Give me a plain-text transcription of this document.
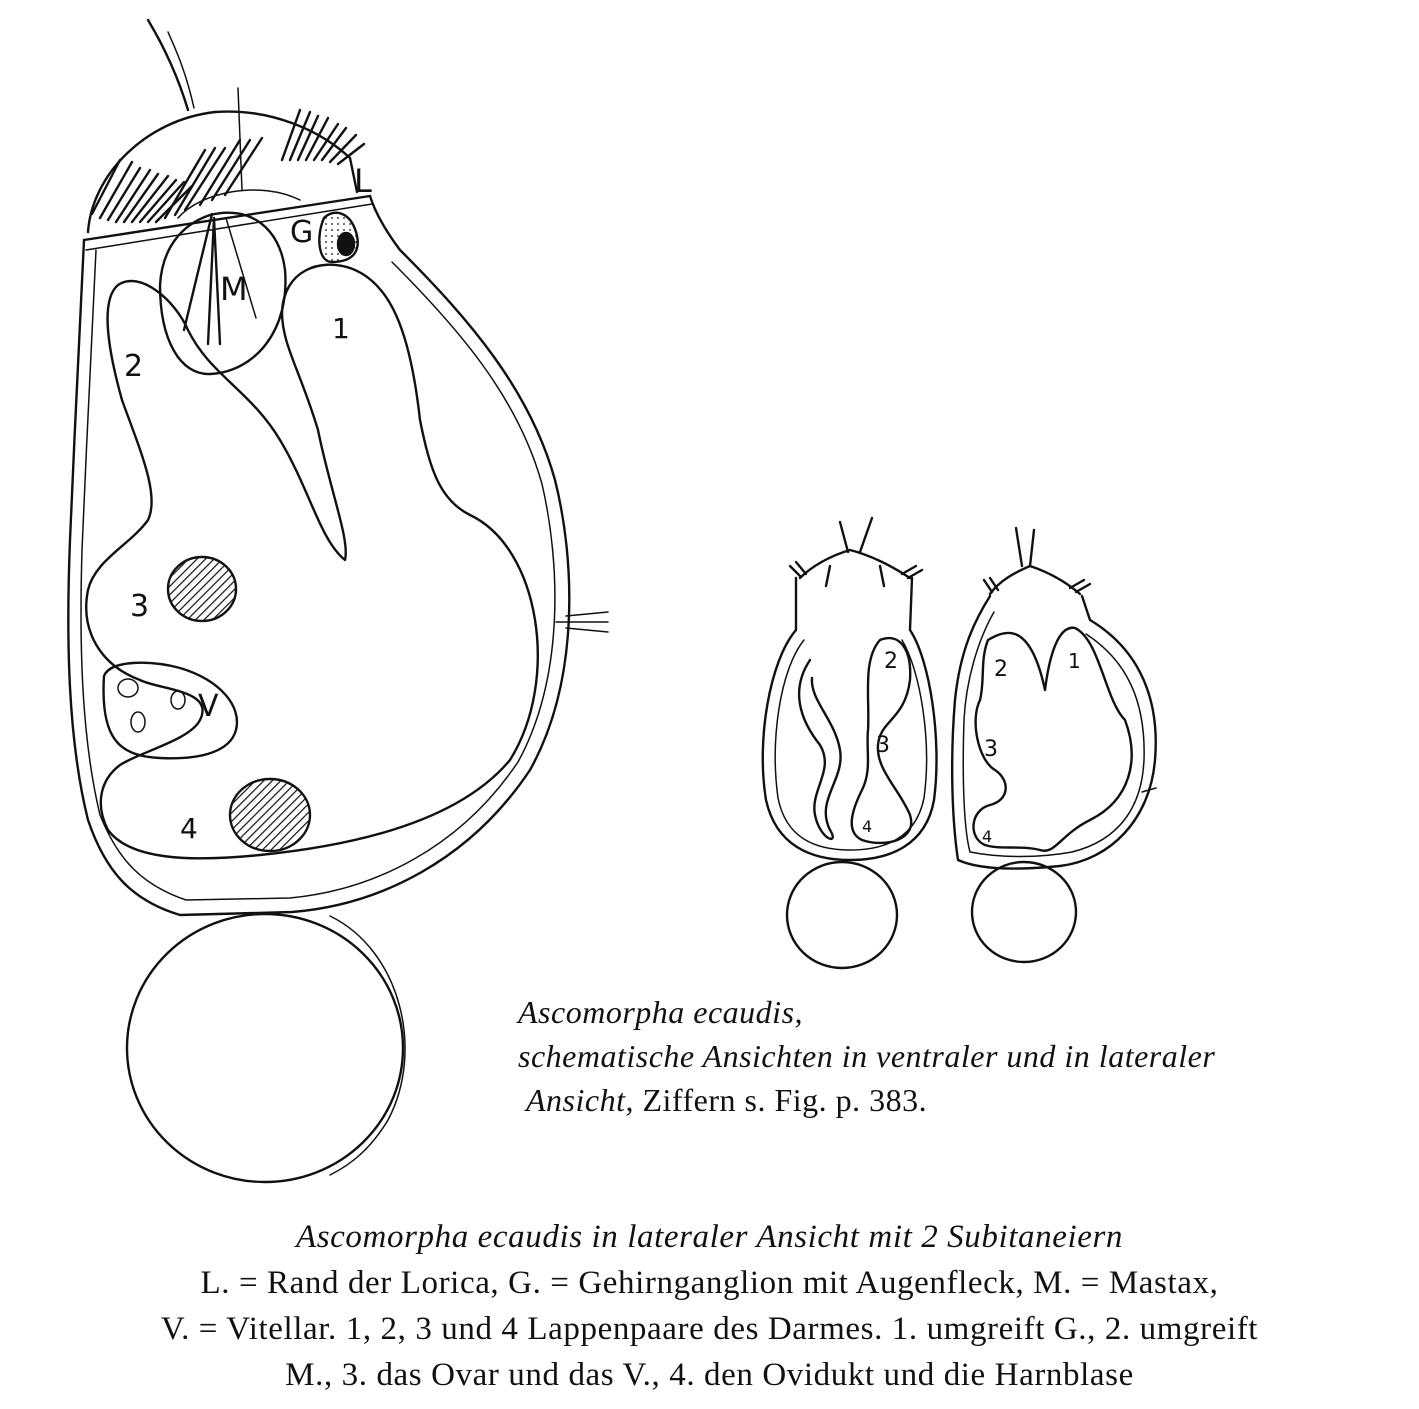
L
G
M
1
2
3
4
V
2
3
4
1
2
3
4
Ascomorpha ecaudis,
schematische Ansichten in ventraler und in lateraler
Ansicht, Ziffern s. Fig. p. 383.
Ascomorpha ecaudis in lateraler Ansicht mit 2 Subitaneiern
L. = Rand der Lorica, G. = Gehirnganglion mit Augenfleck, M. = Mastax,
V. = Vitellar. 1, 2, 3 und 4 Lappenpaare des Darmes. 1. umgreift G., 2. umgreift
M., 3. das Ovar und das V., 4. den Ovidukt und die Harnblase
